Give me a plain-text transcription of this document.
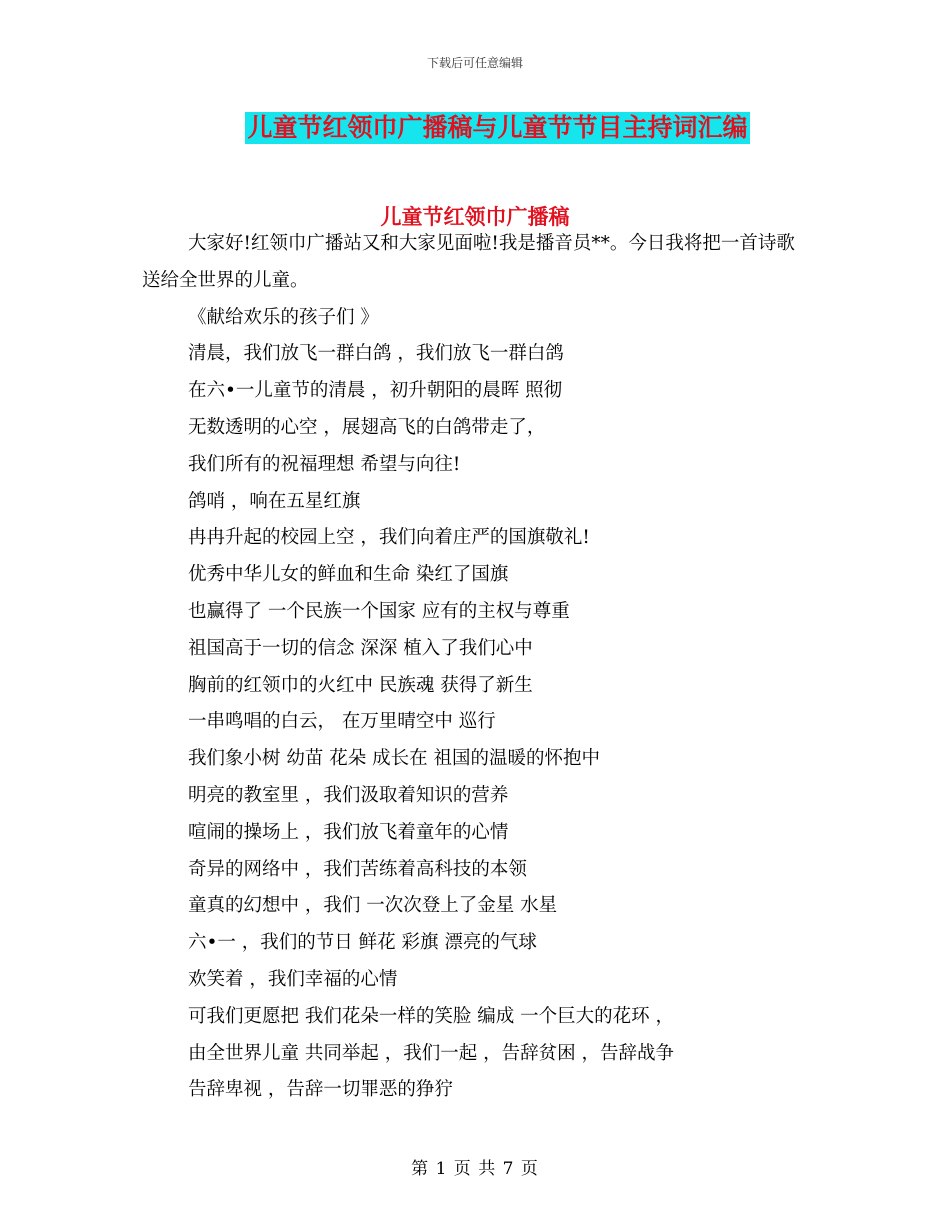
下载后可任意编辑
儿童节红领巾广播稿与儿童节节目主持词汇编
儿童节红领巾广播稿

大家好!红领巾广播站又和大家见面啦!我是播音员**。今日我将把一首诗歌送给全世界的儿童。

《献给欢乐的孩子们 》

清晨，我们放飞一群白鸽 ，我们放飞一群白鸽

在六•一儿童节的清晨 ，初升朝阳的晨晖 照彻

无数透明的心空 ，展翅高飞的白鸽带走了，

我们所有的祝福理想 希望与向往!

鸽哨 ，响在五星红旗

冉冉升起的校园上空 ，我们向着庄严的国旗敬礼!

优秀中华儿女的鲜血和生命 染红了国旗

也赢得了 一个民族一个国家 应有的主权与尊重

祖国高于一切的信念 深深 植入了我们心中

胸前的红领巾的火红中 民族魂 获得了新生

一串鸣唱的白云， 在万里晴空中 巡行

我们象小树 幼苗 花朵 成长在 祖国的温暖的怀抱中

明亮的教室里 ，我们汲取着知识的营养

喧闹的操场上 ，我们放飞着童年的心情

奇异的网络中 ，我们苦练着高科技的本领

童真的幻想中 ，我们 一次次登上了金星 水星

六•一 ，我们的节日 鲜花 彩旗 漂亮的气球

欢笑着 ，我们幸福的心情

可我们更愿把 我们花朵一样的笑脸 编成 一个巨大的花环 ，

由全世界儿童 共同举起 ，我们一起 ，告辞贫困 ，告辞战争

告辞卑视 ，告辞一切罪恶的狰狞

第 1 页 共 7 页
